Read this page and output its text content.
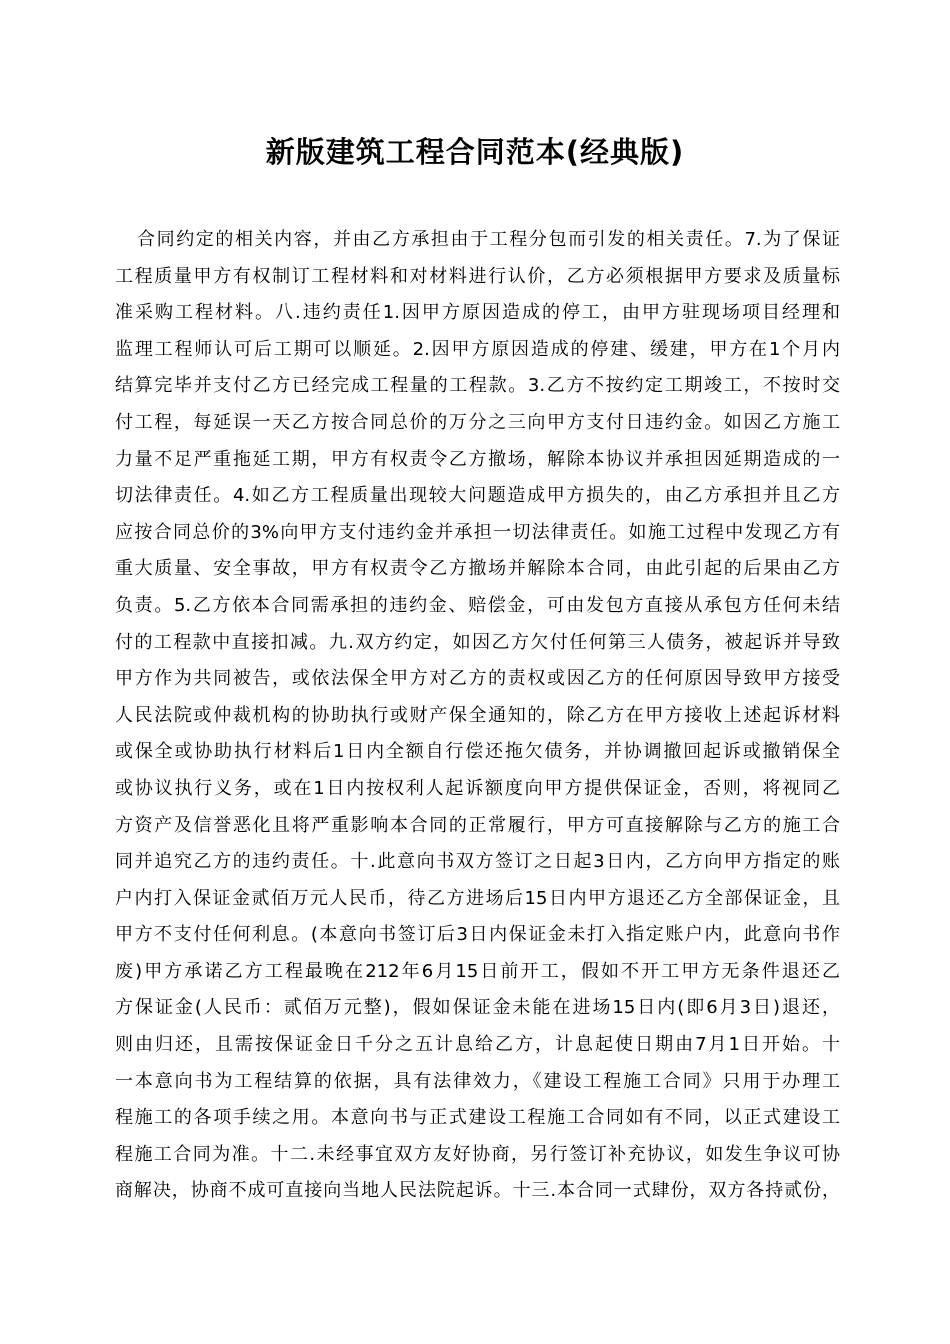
新版建筑工程合同范本(经典版)
合同约定的相关内容，并由乙方承担由于工程分包而引发的相关责任。7.为了保证
工程质量甲方有权制订工程材料和对材料进行认价，乙方必须根据甲方要求及质量标
准采购工程材料。八.违约责任1.因甲方原因造成的停工，由甲方驻现场项目经理和
监理工程师认可后工期可以顺延。2.因甲方原因造成的停建、缓建，甲方在1个月内
结算完毕并支付乙方已经完成工程量的工程款。3.乙方不按约定工期竣工，不按时交
付工程，每延误一天乙方按合同总价的万分之三向甲方支付日违约金。如因乙方施工
力量不足严重拖延工期，甲方有权责令乙方撤场，解除本协议并承担因延期造成的一
切法律责任。4.如乙方工程质量出现较大问题造成甲方损失的，由乙方承担并且乙方
应按合同总价的3%向甲方支付违约金并承担一切法律责任。如施工过程中发现乙方有
重大质量、安全事故，甲方有权责令乙方撤场并解除本合同，由此引起的后果由乙方
负责。5.乙方依本合同需承担的违约金、赔偿金，可由发包方直接从承包方任何未结
付的工程款中直接扣减。九.双方约定，如因乙方欠付任何第三人债务，被起诉并导致
甲方作为共同被告，或依法保全甲方对乙方的责权或因乙方的任何原因导致甲方接受
人民法院或仲裁机构的协助执行或财产保全通知的，除乙方在甲方接收上述起诉材料
或保全或协助执行材料后1日内全额自行偿还拖欠债务，并协调撤回起诉或撤销保全
或协议执行义务，或在1日内按权利人起诉额度向甲方提供保证金，否则，将视同乙
方资产及信誉恶化且将严重影响本合同的正常履行，甲方可直接解除与乙方的施工合
同并追究乙方的违约责任。十.此意向书双方签订之日起3日内，乙方向甲方指定的账
户内打入保证金贰佰万元人民币，待乙方进场后15日内甲方退还乙方全部保证金，且
甲方不支付任何利息。(本意向书签订后3日内保证金未打入指定账户内，此意向书作
废)甲方承诺乙方工程最晚在212年6月15日前开工，假如不开工甲方无条件退还乙
方保证金(人民币：贰佰万元整)，假如保证金未能在进场15日内(即6月3日)退还，
则由归还，且需按保证金日千分之五计息给乙方，计息起使日期由7月1日开始。十
一本意向书为工程结算的依据，具有法律效力，《建设工程施工合同》只用于办理工
程施工的各项手续之用。本意向书与正式建设工程施工合同如有不同，以正式建设工
程施工合同为准。十二.未经事宜双方友好协商，另行签订补充协议，如发生争议可协
商解决，协商不成可直接向当地人民法院起诉。十三.本合同一式肆份，双方各持贰份，
